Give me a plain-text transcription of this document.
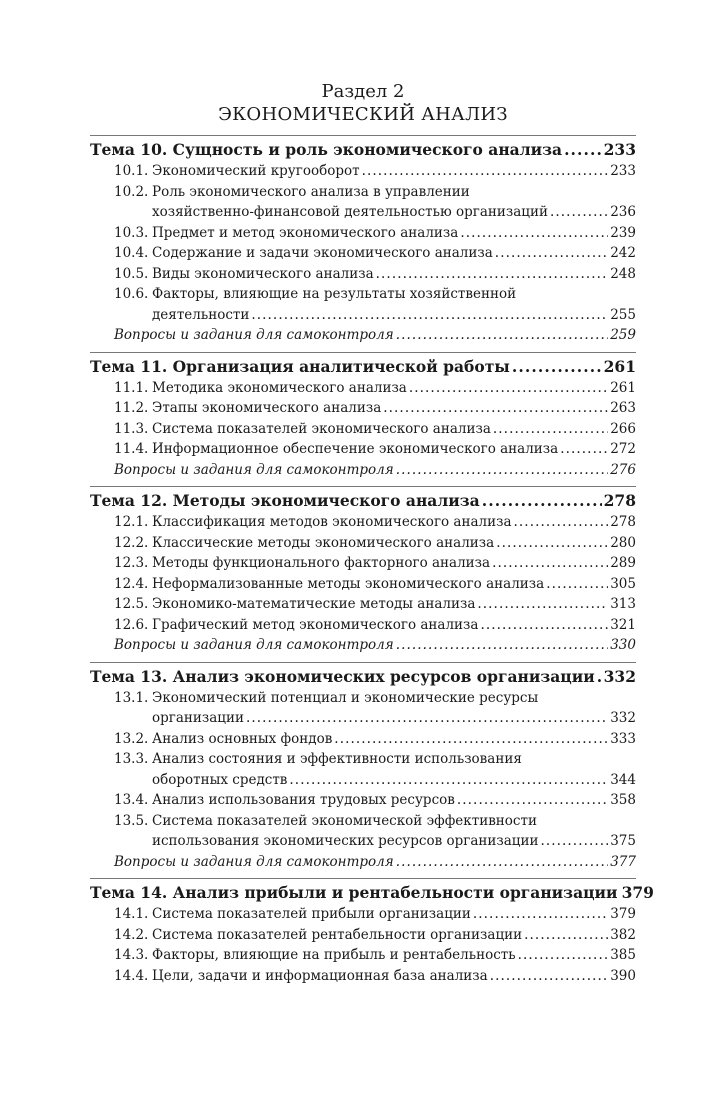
Раздел 2
ЭКОНОМИЧЕСКИЙ АНАЛИЗ
Тема 10. Сущность и роль экономического анализа .....	233
10.1. Экономический кругооборот .....	233
10.2. Роль экономического анализа в управлении
хозяйственно-финансовой деятельностью организаций .....	236
10.3. Предмет и метод экономического анализа .....	239
10.4. Содержание и задачи экономического анализа .....	242
10.5. Виды экономического анализа .....	248
10.6. Факторы, влияющие на результаты хозяйственной
деятельности .....	255
Вопросы и задания для самоконтроля .....	259
Тема 11. Организация аналитической работы .....	261
11.1. Методика экономического анализа .....	261
11.2. Этапы экономического анализа .....	263
11.3. Система показателей экономического анализа .....	266
11.4. Информационное обеспечение экономического анализа .....	272
Вопросы и задания для самоконтроля .....	276
Тема 12. Методы экономического анализа .....	278
12.1. Классификация методов экономического анализа .....	278
12.2. Классические методы экономического анализа .....	280
12.3. Методы функционального факторного анализа .....	289
12.4. Неформализованные методы экономического анализа .....	305
12.5. Экономико-математические методы анализа .....	313
12.6. Графический метод экономического анализа .....	321
Вопросы и задания для самоконтроля .....	330
Тема 13. Анализ экономических ресурсов организации ..... 332
13.1. Экономический потенциал и экономические ресурсы
организации .....	332
13.2. Анализ основных фондов .....	333
13.3. Анализ состояния и эффективности использования
оборотных средств .....	344
13.4. Анализ использования трудовых ресурсов .....	358
13.5. Система показателей экономической эффективности
использования экономических ресурсов организации .....	375
Вопросы и задания для самоконтроля .....	377
Тема 14. Анализ прибыли и рентабельности организации 379
14.1. Система показателей прибыли организации .....	379
14.2. Система показателей рентабельности организации .....	382
14.3. Факторы, влияющие на прибыль и рентабельность .....	385
14.4. Цели, задачи и информационная база анализа .....	390
